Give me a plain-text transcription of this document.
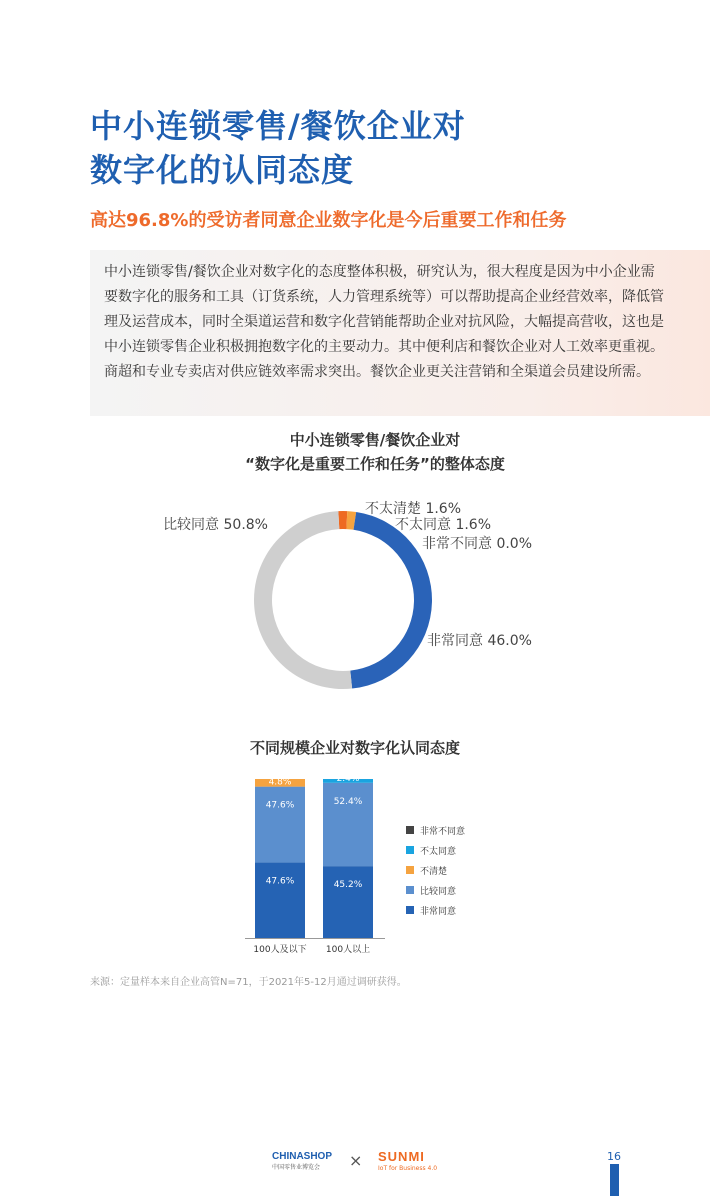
中小连锁零售/餐饮企业对
数字化的认同态度
高达96.8%的受访者同意企业数字化是今后重要工作和任务
中小连锁零售/餐饮企业对数字化的态度整体积极，研究认为，很大程度是因为中小企业需要数字化的服务和工具（订货系统，人力管理系统等）可以帮助提高企业经营效率，降低管理及运营成本，同时全渠道运营和数字化营销能帮助企业对抗风险，大幅提高营收，这也是中小连锁零售企业积极拥抱数字化的主要动力。其中便利店和餐饮企业对人工效率更重视。商超和专业专卖店对供应链效率需求突出。餐饮企业更关注营销和全渠道会员建设所需。
中小连锁零售/餐饮企业对
“数字化是重要工作和任务”的整体态度
不太清楚 1.6%
不太同意 1.6%
非常不同意 0.0%
非常同意 46.0%
比较同意 50.8%
不同规模企业对数字化认同态度
47.6%
47.6%
4.8%
100人及以下
45.2%
52.4%
2.4%
100人以上
非常不同意
不太同意
不清楚
比较同意
非常同意
来源：定量样本来自企业高管N=71，于2021年5-12月通过调研获得。
CHINASHOP
中国零售业博览会 × SUNMI
IoT for Business 4.0
16
